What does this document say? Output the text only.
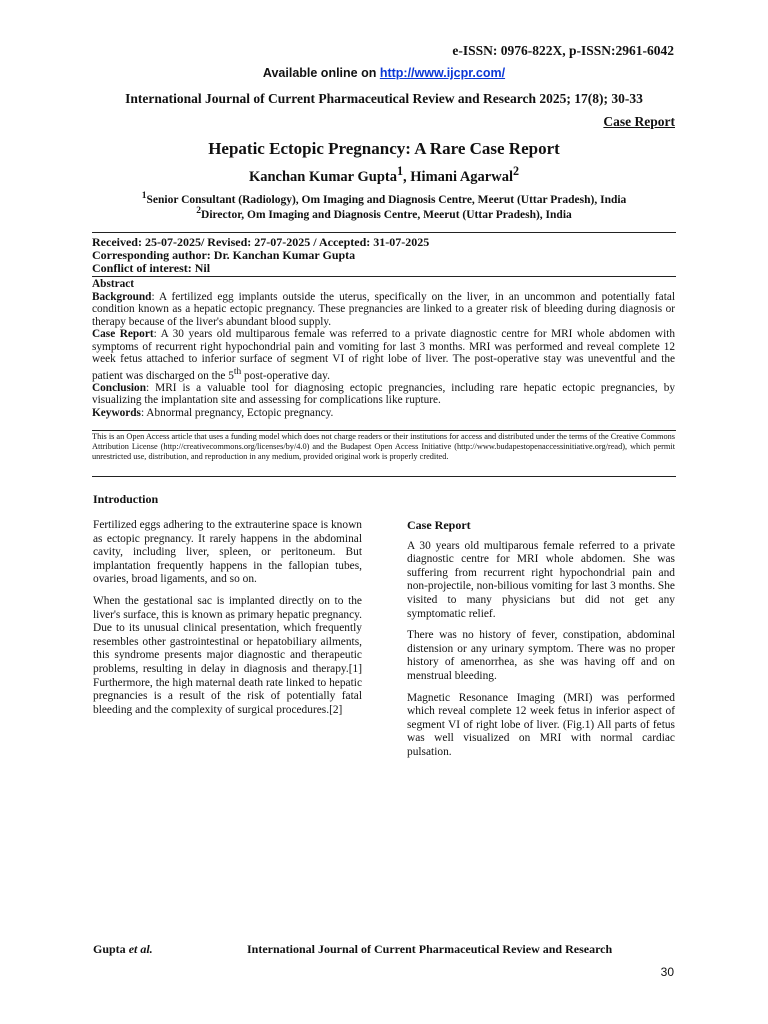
e-ISSN: 0976-822X, p-ISSN:2961-6042
Available online on http://www.ijcpr.com/
International Journal of Current Pharmaceutical Review and Research 2025; 17(8); 30-33
Case Report
Hepatic Ectopic Pregnancy: A Rare Case Report
Kanchan Kumar Gupta$^1$, Himani Agarwal$^2$
$^1$Senior Consultant (Radiology), Om Imaging and Diagnosis Centre, Meerut (Uttar Pradesh), India
$^2$Director, Om Imaging and Diagnosis Centre, Meerut (Uttar Pradesh), India
Received: 25-07-2025/ Revised: 27-07-2025 / Accepted: 31-07-2025
Corresponding author: Dr. Kanchan Kumar Gupta
Conflict of interest: Nil
Abstract
Background: A fertilized egg implants outside the uterus, specifically on the liver, in an uncommon and potentially fatal condition known as a hepatic ectopic pregnancy. These pregnancies are linked to a greater risk of bleeding during diagnosis or therapy because of the liver's abundant blood supply.
Case Report: A 30 years old multiparous female was referred to a private diagnostic centre for MRI whole abdomen with symptoms of recurrent right hypochondrial pain and vomiting for last 3 months. MRI was performed and reveal complete 12 week fetus attached to inferior surface of segment VI of right lobe of liver. The post-operative stay was uneventful and the patient was discharged on the 5th post-operative day.
Conclusion: MRI is a valuable tool for diagnosing ectopic pregnancies, including rare hepatic ectopic pregnancies, by visualizing the implantation site and assessing for complications like rupture.
Keywords: Abnormal pregnancy, Ectopic pregnancy.
This is an Open Access article that uses a funding model which does not charge readers or their institutions for access and distributed under the terms of the Creative Commons Attribution License (http://creativecommons.org/licenses/by/4.0) and the Budapest Open Access Initiative (http://www.budapestopenaccessinitiative.org/read), which permit unrestricted use, distribution, and reproduction in any medium, provided original work is properly credited.
Introduction

Fertilized eggs adhering to the extrauterine space is known as ectopic pregnancy. It rarely happens in the abdominal cavity, including liver, spleen, or peritoneum. But implantation frequently happens in the fallopian tubes, ovaries, broad ligaments, and so on.

When the gestational sac is implanted directly on to the liver's surface, this is known as primary hepatic pregnancy. Due to its unusual clinical presentation, which frequently resembles other gastrointestinal or hepatobiliary ailments, this syndrome presents major diagnostic and therapeutic problems, resulting in delay in diagnosis and therapy.[1] Furthermore, the high maternal death rate linked to hepatic pregnancies is a result of the risk of potentially fatal bleeding and the complexity of surgical procedures.[2]

Case Report

A 30 years old multiparous female referred to a private diagnostic centre for MRI whole abdomen. She was suffering from recurrent right hypochondrial pain and non-projectile, non-bilious vomiting for last 3 months. She visited to many physicians but did not get any symptomatic relief.

There was no history of fever, constipation, abdominal distension or any urinary symptom. There was no proper history of amenorrhea, as she was having off and on menstrual bleeding.

Magnetic Resonance Imaging (MRI) was performed which reveal complete 12 week fetus in inferior aspect of segment VI of right lobe of liver. (Fig.1) All parts of fetus was well visualized on MRI with normal cardiac pulsation.

Gupta et al.	International Journal of Current Pharmaceutical Review and Research
30
